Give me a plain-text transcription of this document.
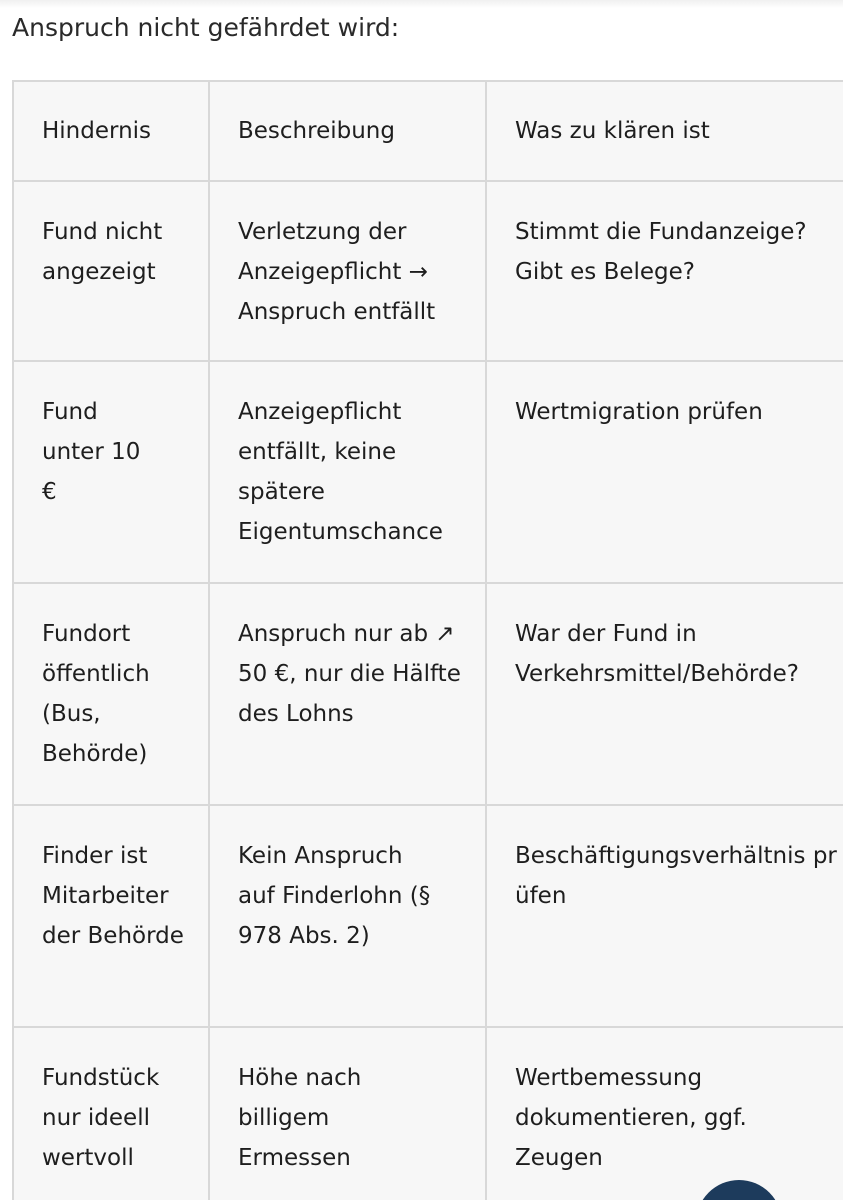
Anspruch nicht gefährdet wird:
Hindernis	Beschreibung	Was zu klären ist
Fund nicht angezeigt	Verletzung der Anzeigepflicht → Anspruch entfällt	Stimmt die Fundanzeige? Gibt es Belege?
Fund unter 10 €	Anzeigepflicht entfällt, keine spätere Eigentumschance	Wertmigration prüfen
Fundort öffentlich (Bus, Behörde)	Anspruch nur ab ↗ 50 €, nur die Hälfte des Lohns	War der Fund in Verkehrsmittel/Behörde?
Finder ist Mitarbeiter der Behörde	Kein Anspruch auf Finderlohn (§ 978 Abs. 2)	Beschäftigungsverhältnis prüfen
Fundstück nur ideell wertvoll	Höhe nach billigem Ermessen	Wertbemessung dokumentieren, ggf. Zeugen
